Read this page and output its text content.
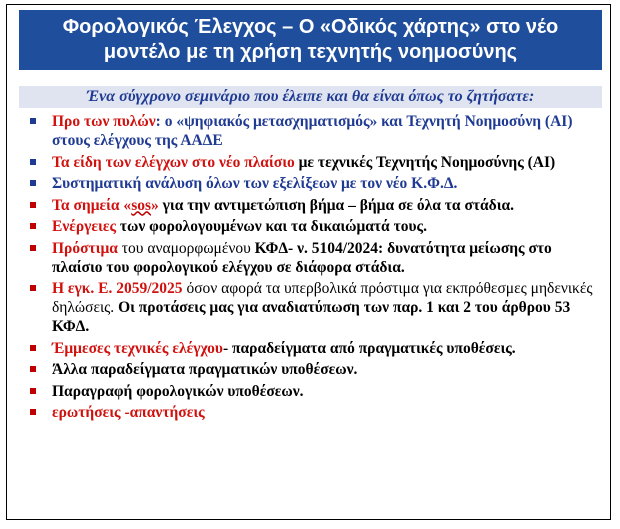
Φορολογικός Έλεγχος – Ο «Οδικός χάρτης» στο νέο
μοντέλο με τη χρήση τεχνητής νοημοσύνης
Ένα σύγχρονο σεμινάριο που έλειπε και θα είναι όπως το ζητήσατε:
Προ των πυλών: ο «ψηφιακός μετασχηματισμός» και Τεχνητή Νοημοσύνη (ΑΙ) στους ελέγχους της ΑΑΔΕ
Τα είδη των ελέγχων στο νέο πλαίσιο με τεχνικές Τεχνητής Νοημοσύνης (ΑΙ)
Συστηματική ανάλυση όλων των εξελίξεων με τον νέο Κ.Φ.Δ.
Τα σημεία «sos» για την αντιμετώπιση βήμα – βήμα σε όλα τα στάδια.
Ενέργειες των φορολογουμένων και τα δικαιώματά τους.
Πρόστιμα του αναμορφωμένου ΚΦΔ- ν. 5104/2024: δυνατότητα μείωσης στο πλαίσιο του φορολογικού ελέγχου σε διάφορα στάδια.
Η εγκ. Ε. 2059/2025 όσον αφορά τα υπερβολικά πρόστιμα για εκπρόθεσμες μηδενικές δηλώσεις. Οι προτάσεις μας για αναδιατύπωση των παρ. 1 και 2 του άρθρου 53 ΚΦΔ.
Έμμεσες τεχνικές ελέγχου- παραδείγματα από πραγματικές υποθέσεις.
Άλλα παραδείγματα πραγματικών υποθέσεων.
Παραγραφή φορολογικών υποθέσεων.
ερωτήσεις -απαντήσεις
